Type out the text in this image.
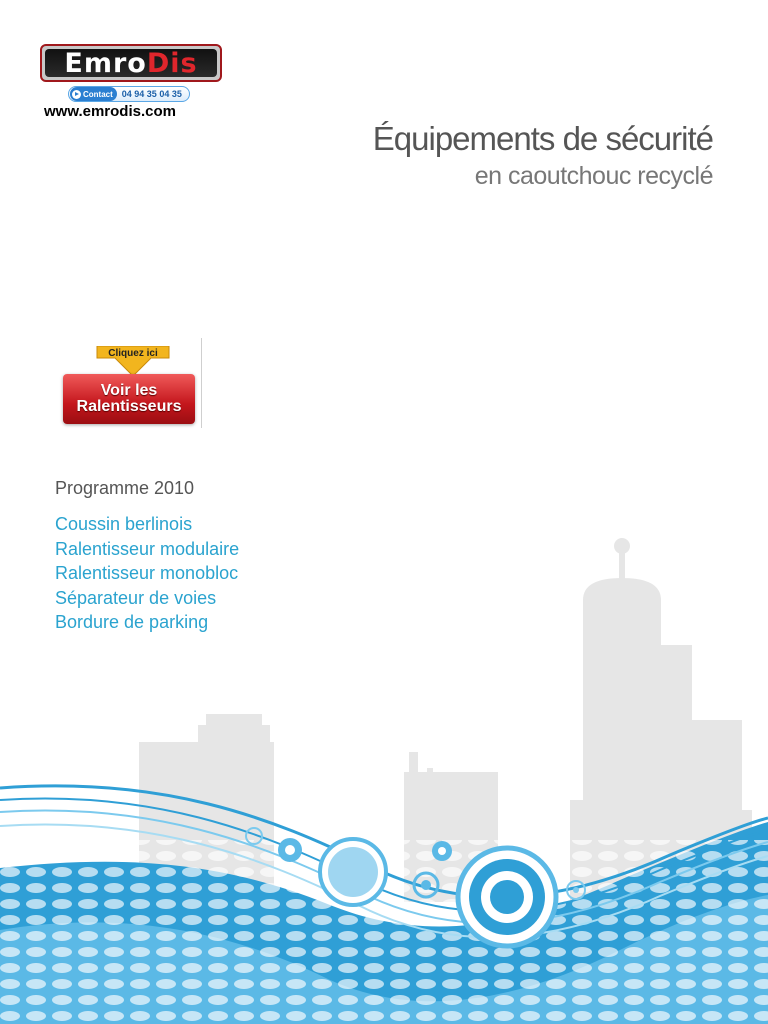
EmroDis
Contact 04 94 35 04 35
www.emrodis.com
Équipements de sécurité
en caoutchouc recyclé
Cliquez ici
Voir les
Ralentisseurs
Programme 2010
Coussin berlinois
Ralentisseur modulaire
Ralentisseur monobloc
Séparateur de voies
Bordure de parking
